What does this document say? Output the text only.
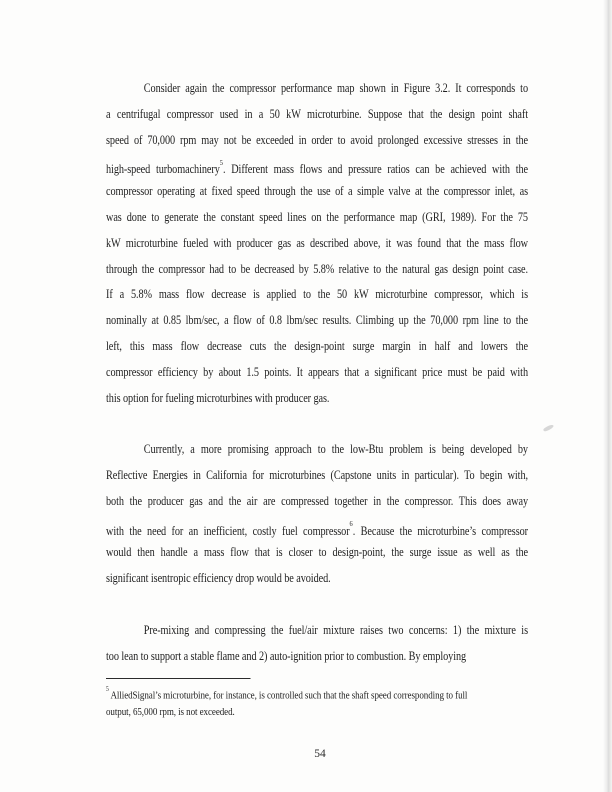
Consider again the compressor performance map shown in Figure 3.2. It corresponds to
a centrifugal compressor used in a 50 kW microturbine. Suppose that the design point shaft
speed of 70,000 rpm may not be exceeded in order to avoid prolonged excessive stresses in the
high-speed turbomachinery$^5$. Different mass flows and pressure ratios can be achieved with the
compressor operating at fixed speed through the use of a simple valve at the compressor inlet, as
was done to generate the constant speed lines on the performance map (GRI, 1989). For the 75
kW microturbine fueled with producer gas as described above, it was found that the mass flow
through the compressor had to be decreased by 5.8% relative to the natural gas design point case.
If a 5.8% mass flow decrease is applied to the 50 kW microturbine compressor, which is
nominally at 0.85 lbm/sec, a flow of 0.8 lbm/sec results. Climbing up the 70,000 rpm line to the
left, this mass flow decrease cuts the design-point surge margin in half and lowers the
compressor efficiency by about 1.5 points. It appears that a significant price must be paid with
this option for fueling microturbines with producer gas.
Currently, a more promising approach to the low-Btu problem is being developed by
Reflective Energies in California for microturbines (Capstone units in particular). To begin with,
both the producer gas and the air are compressed together in the compressor. This does away
with the need for an inefficient, costly fuel compressor$^6$. Because the microturbine’s compressor
would then handle a mass flow that is closer to design-point, the surge issue as well as the
significant isentropic efficiency drop would be avoided.
Pre-mixing and compressing the fuel/air mixture raises two concerns: 1) the mixture is
too lean to support a stable flame and 2) auto-ignition prior to combustion. By employing
$^5$ AlliedSignal’s microturbine, for instance, is controlled such that the shaft speed corresponding to full
output, 65,000 rpm, is not exceeded.
54
